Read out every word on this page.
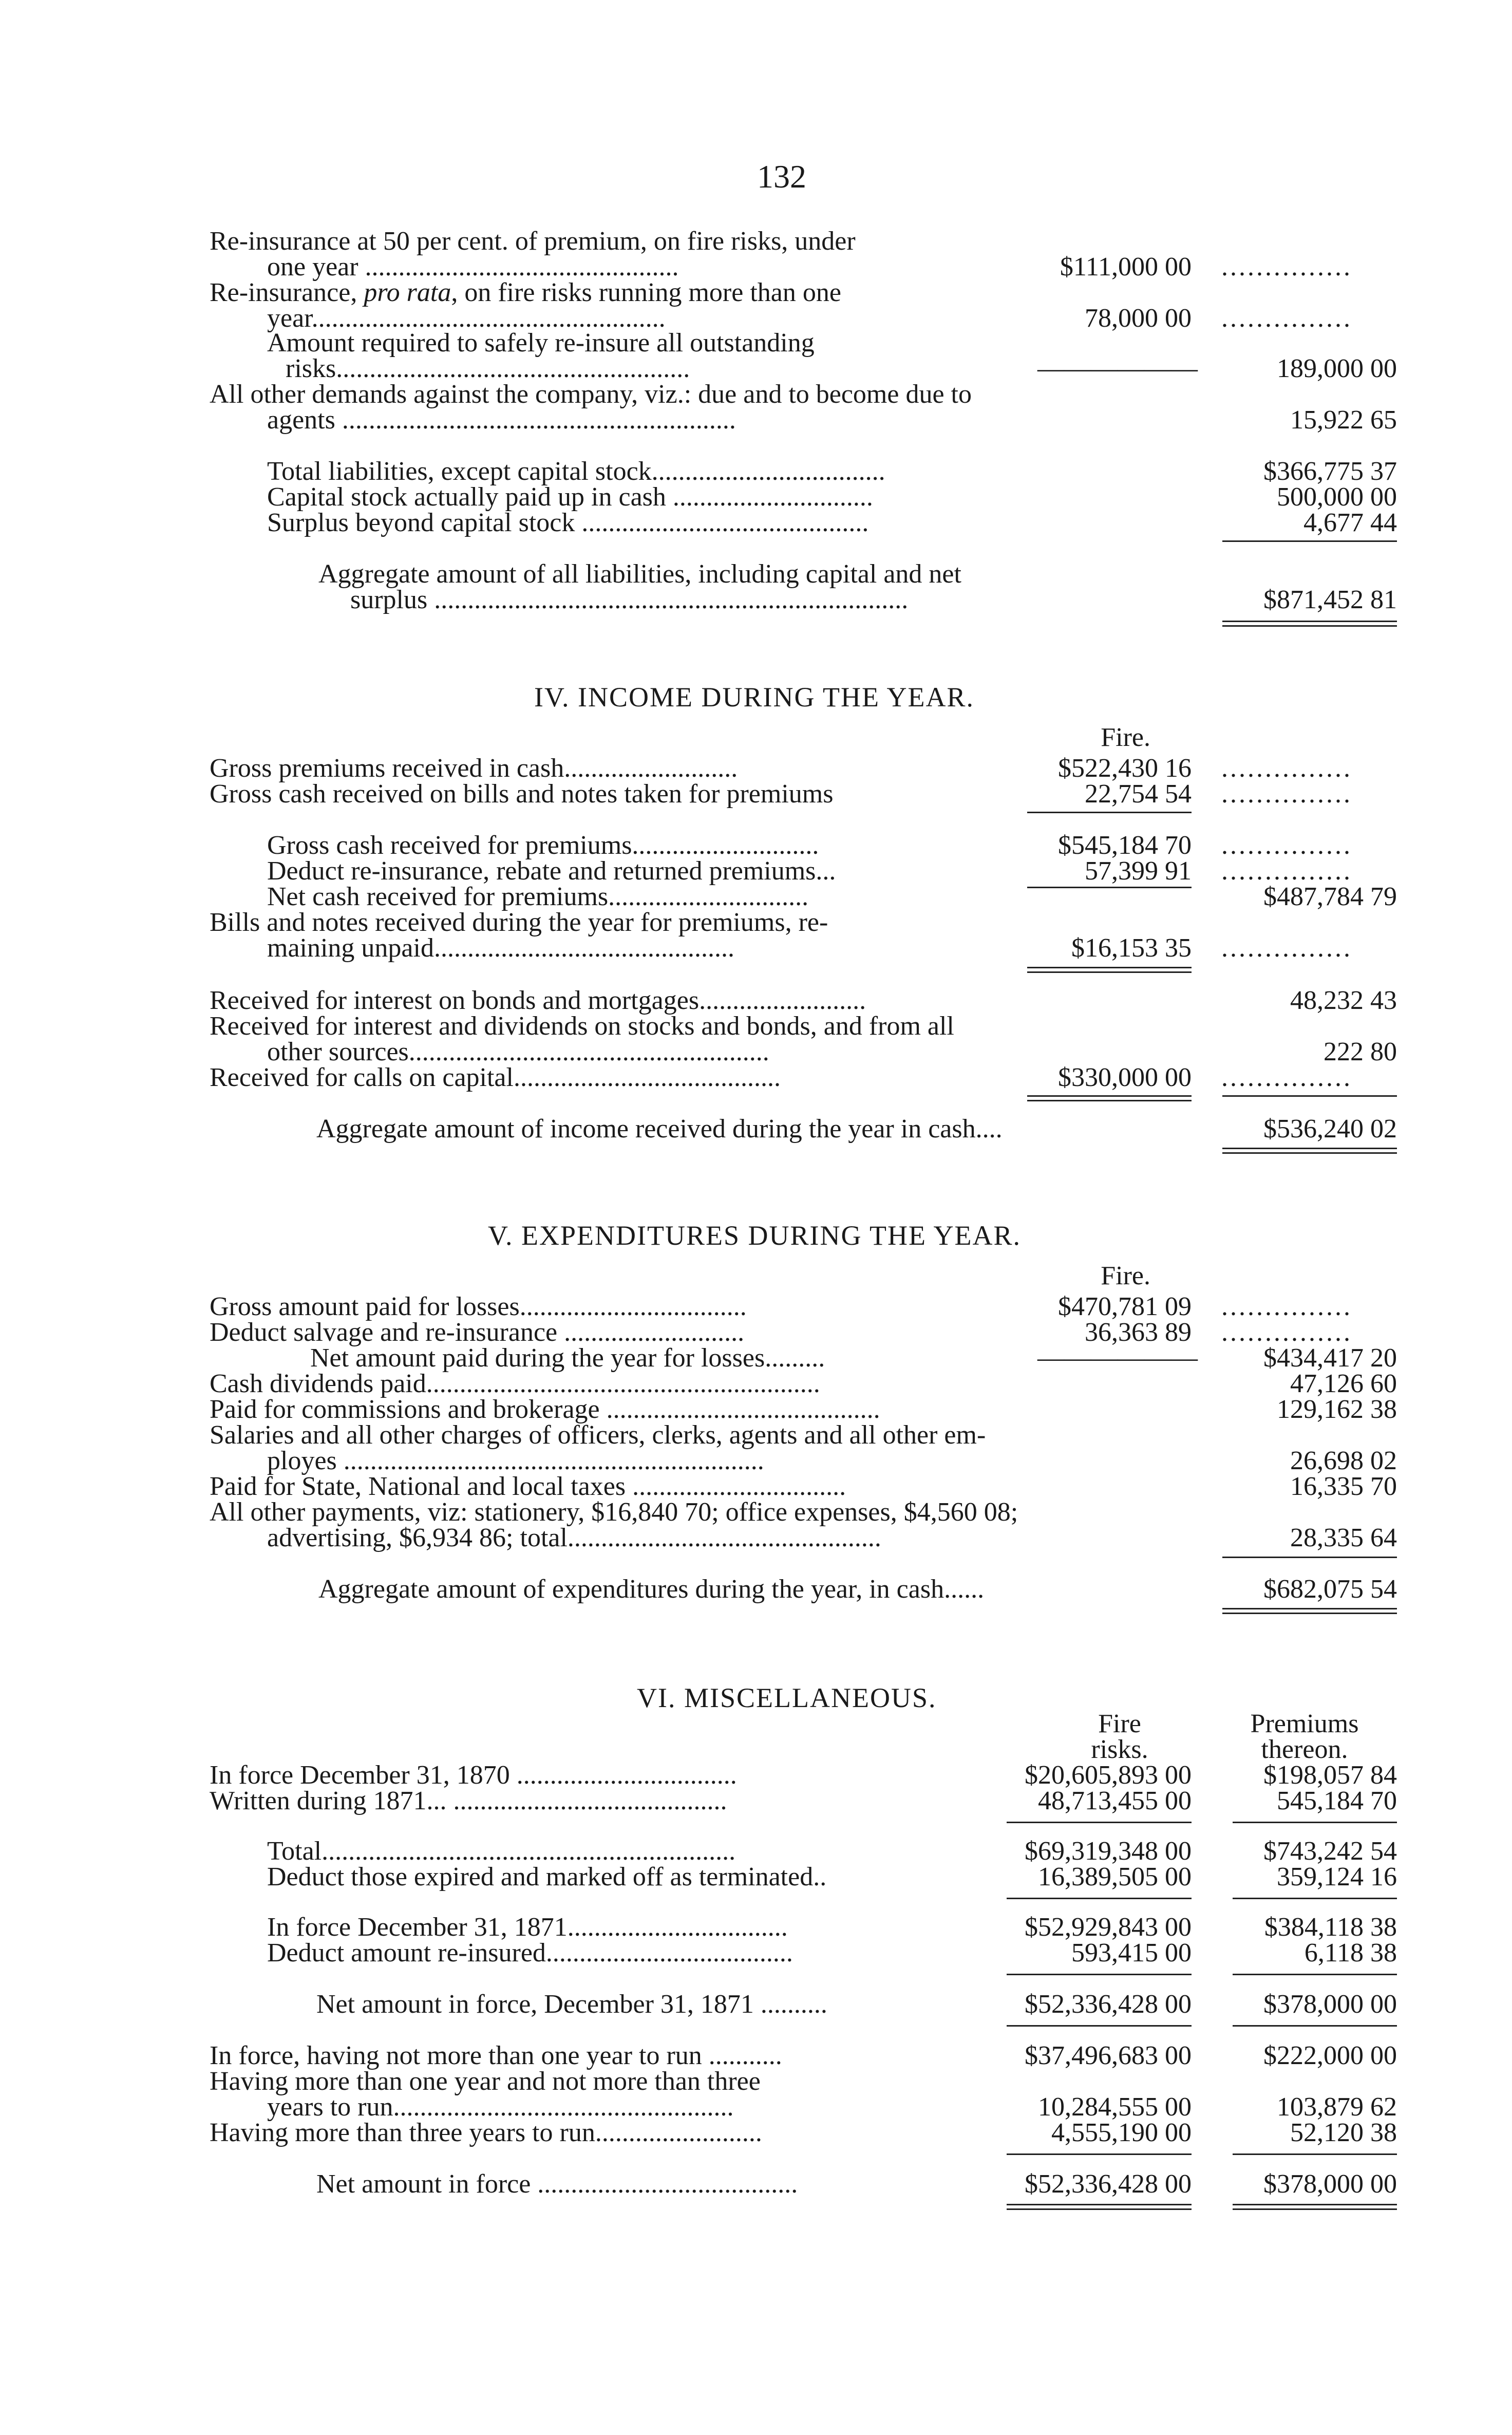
132
Re-insurance at 50 per cent. of premium, on fire risks, under
one year ...............................................	$111,000 00 ...............
Re-insurance, pro rata, on fire risks running more than one
year.....................................................	78,000 00 ...............
Amount required to safely re-insure all outstanding
risks.....................................................	——————	189,000 00
All other demands against the company, viz.: due and to become due to
agents ...........................................................	15,922 65
Total liabilities, except capital stock...................................	$366,775 37
Capital stock actually paid up in cash ..............................	500,000 00
Surplus beyond capital stock ...........................................	4,677 44
Aggregate amount of all liabilities, including capital and net
surplus .......................................................................	$871,452 81
IV. INCOME DURING THE YEAR.
Fire.
Gross premiums received in cash..........................	$522,430 16 ...............
Gross cash received on bills and notes taken for premiums	22,754 54 ...............
Gross cash received for premiums............................	$545,184 70 ...............
Deduct re-insurance, rebate and returned premiums...	57,399 91 ...............
Net cash received for premiums..............................	$487,784 79
Bills and notes received during the year for premiums, re-
maining unpaid.............................................	$16,153 35 ...............
Received for interest on bonds and mortgages.........................	48,232 43
Received for interest and dividends on stocks and bonds, and from all
other sources......................................................	222 80
Received for calls on capital........................................	$330,000 00 ...............
Aggregate amount of income received during the year in cash....	$536,240 02
V. EXPENDITURES DURING THE YEAR.
Fire.
Gross amount paid for losses..................................	$470,781 09 ...............
Deduct salvage and re-insurance ...........................	36,363 89 ...............
Net amount paid during the year for losses.........	——————	$434,417 20
Cash dividends paid...........................................................	47,126 60
Paid for commissions and brokerage .........................................	129,162 38
Salaries and all other charges of officers, clerks, agents and all other em-
ployes ...............................................................	26,698 02
Paid for State, National and local taxes ................................	16,335 70
All other payments, viz: stationery, $16,840 70; office expenses, $4,560 08;
advertising, $6,934 86; total...............................................	28,335 64
Aggregate amount of expenditures during the year, in cash......	$682,075 54
VI. MISCELLANEOUS.
Fire
risks.
Premiums
thereon.
In force December 31, 1870 .................................	$20,605,893 00	$198,057 84
Written during 1871... .........................................	48,713,455 00	545,184 70
Total..............................................................	$69,319,348 00	$743,242 54
Deduct those expired and marked off as terminated..	16,389,505 00	359,124 16
In force December 31, 1871.................................	$52,929,843 00	$384,118 38
Deduct amount re-insured.....................................	593,415 00	6,118 38
Net amount in force, December 31, 1871 ..........	$52,336,428 00	$378,000 00
In force, having not more than one year to run ...........	$37,496,683 00	$222,000 00
Having more than one year and not more than three
years to run...................................................	10,284,555 00	103,879 62
Having more than three years to run.........................	4,555,190 00	52,120 38
Net amount in force .......................................	$52,336,428 00	$378,000 00
